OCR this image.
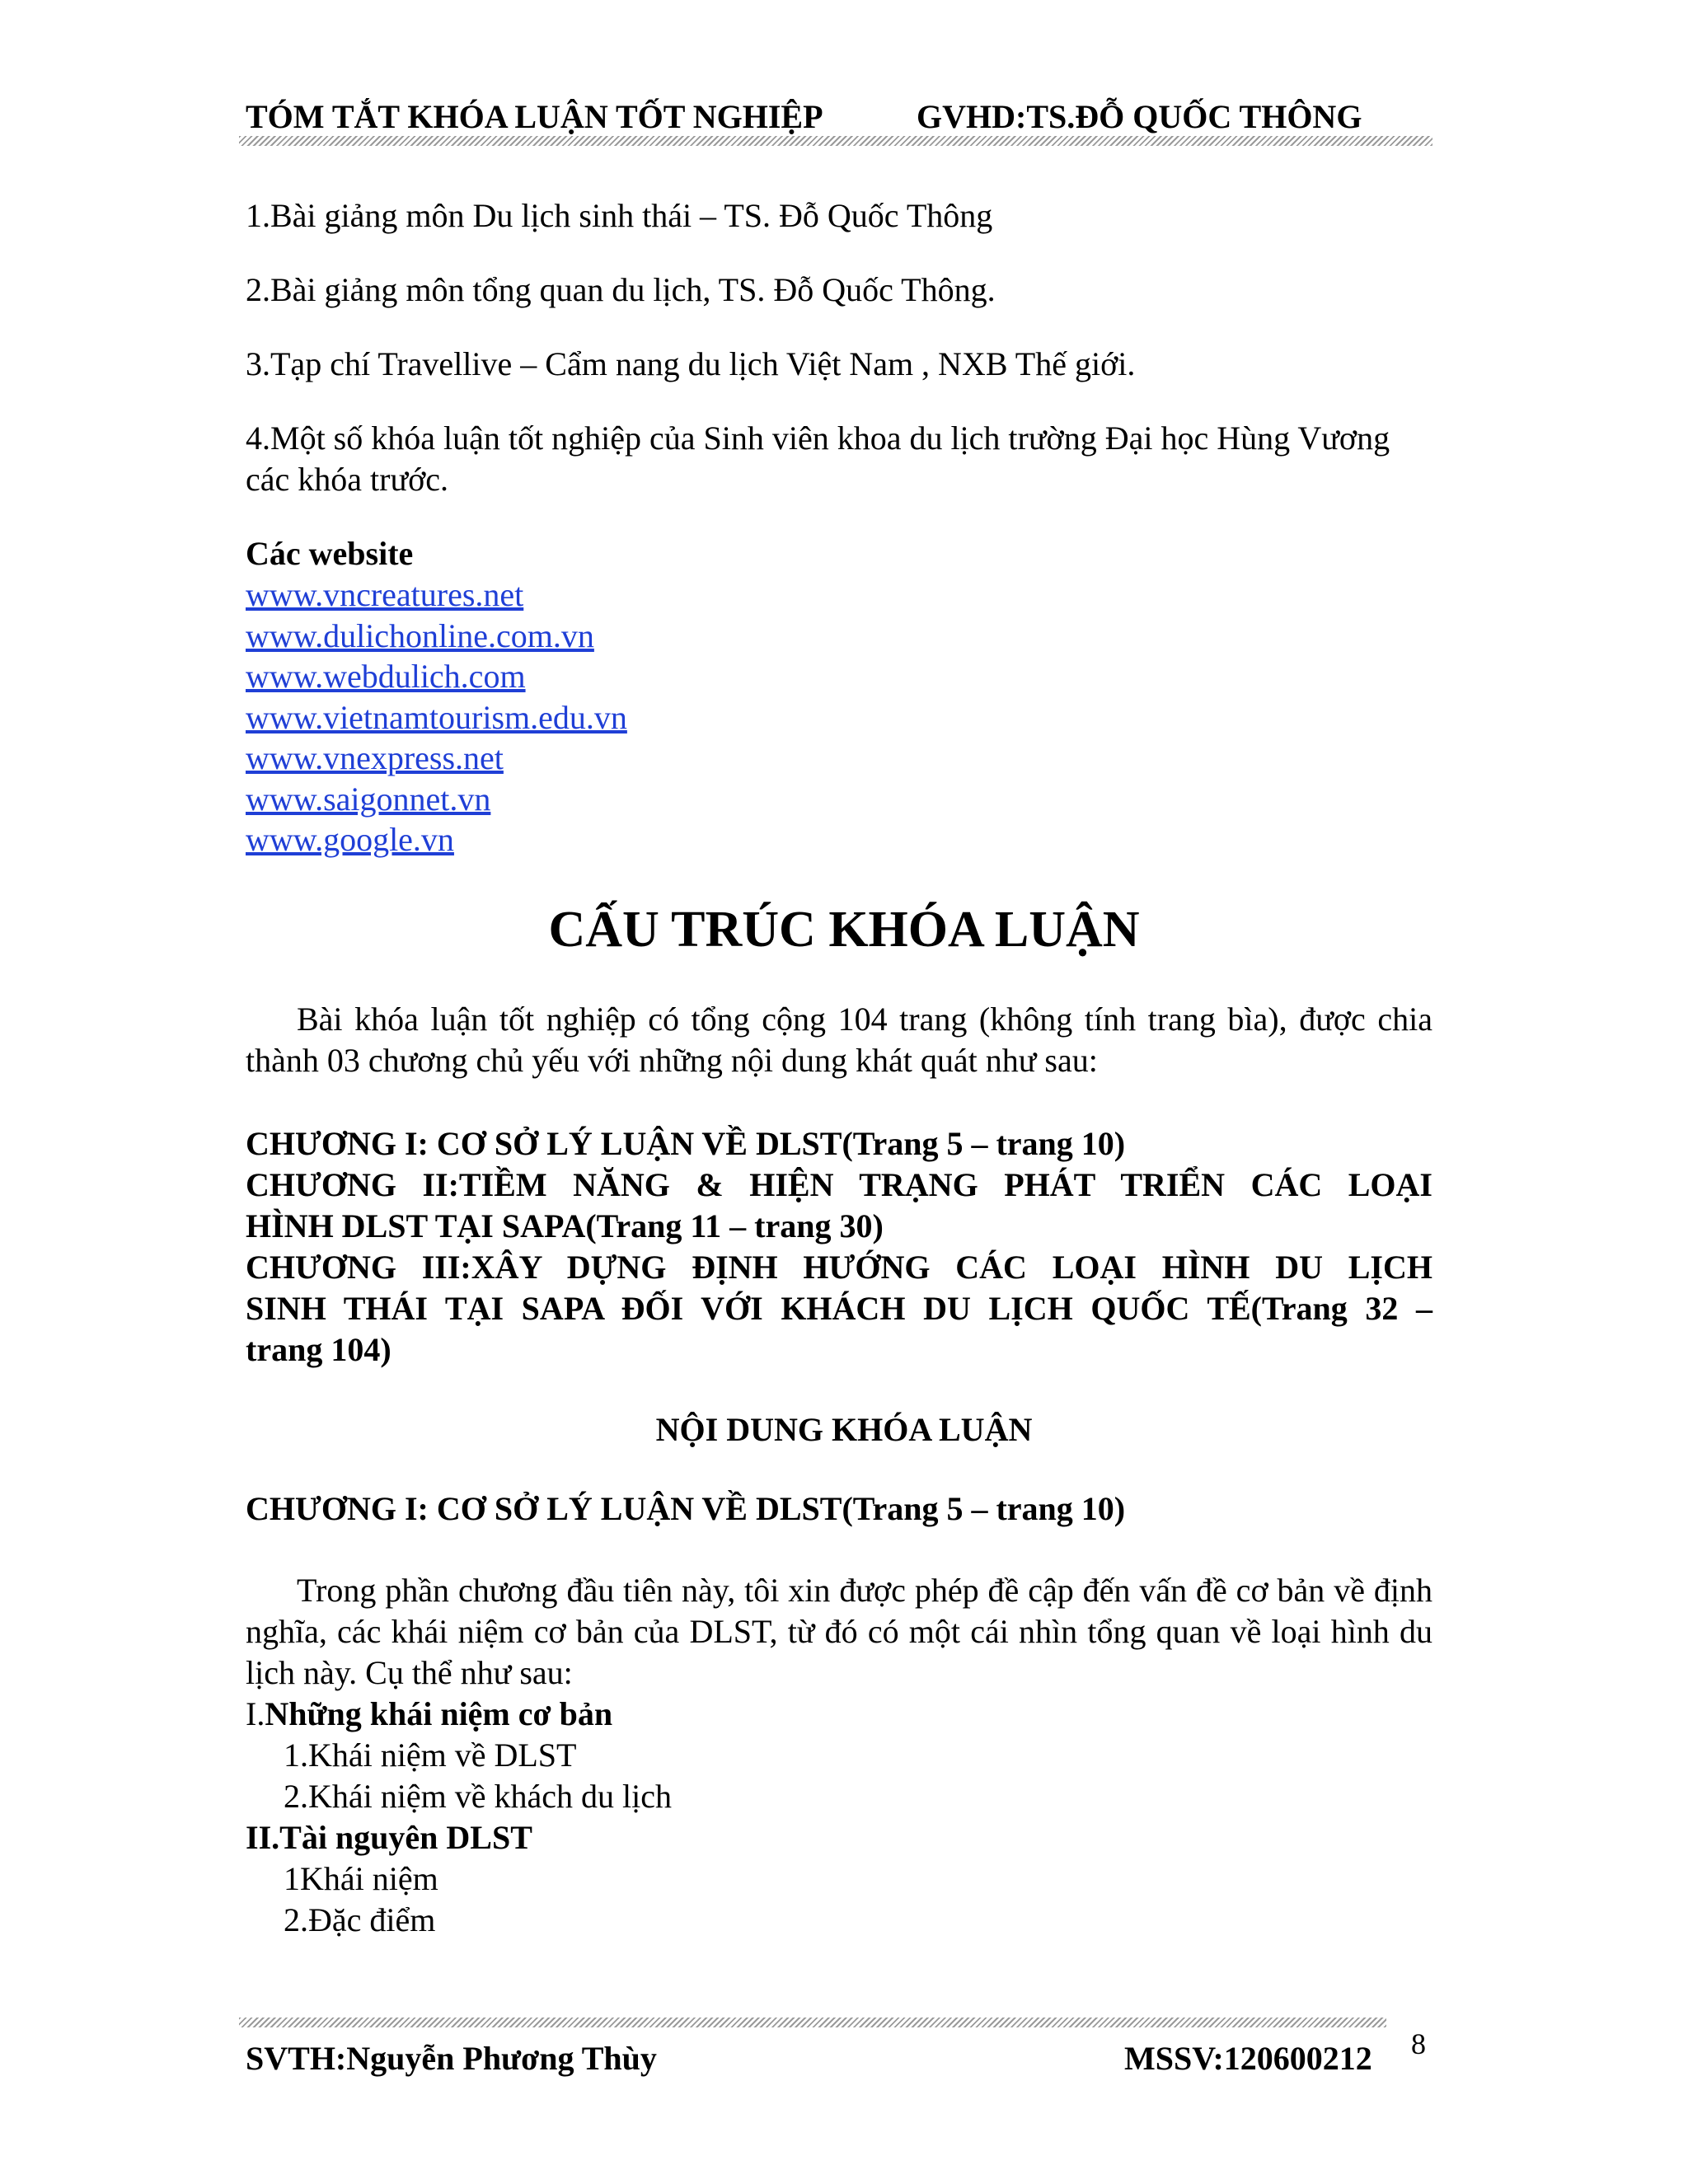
TÓM TẮT KHÓA LUẬN TỐT NGHIỆP	GVHD:TS.ĐỖ QUỐC THÔNG
1.Bài giảng môn Du lịch sinh thái – TS. Đỗ Quốc Thông
2.Bài giảng môn tổng quan du lịch, TS. Đỗ Quốc Thông.
3.Tạp chí Travellive – Cẩm nang du lịch Việt Nam , NXB Thế giới.
4.Một số khóa luận tốt nghiệp của Sinh viên khoa du lịch trường Đại học Hùng Vương các khóa trước.
Các website
www.vncreatures.net
www.dulichonline.com.vn
www.webdulich.com
www.vietnamtourism.edu.vn
www.vnexpress.net
www.saigonnet.vn
www.google.vn
CẤU TRÚC KHÓA LUẬN
Bài khóa luận tốt nghiệp có tổng cộng 104 trang (không tính trang bìa), được chia thành 03 chương chủ yếu với những nội dung khát quát như sau:
CHƯƠNG I: CƠ SỞ LÝ LUẬN VỀ DLST(Trang 5 – trang 10)
CHƯƠNG II:TIỀM NĂNG & HIỆN TRẠNG PHÁT TRIỂN CÁC LOẠI
HÌNH DLST TẠI SAPA(Trang 11 – trang 30)
CHƯƠNG III:XÂY DỰNG ĐỊNH HƯỚNG CÁC LOẠI HÌNH DU LỊCH
SINH THÁI TẠI SAPA ĐỐI VỚI KHÁCH DU LỊCH QUỐC TẾ(Trang 32 –
trang 104)
NỘI DUNG KHÓA LUẬN
CHƯƠNG I: CƠ SỞ LÝ LUẬN VỀ DLST(Trang 5 – trang 10)
Trong phần chương đầu tiên này, tôi xin được phép đề cập đến vấn đề cơ bản về định nghĩa, các khái niệm cơ bản của DLST, từ đó có một cái nhìn tổng quan về loại hình du lịch này. Cụ thể như sau:
I.Những khái niệm cơ bản
1.Khái niệm về DLST
2.Khái niệm về khách du lịch
II.Tài nguyên DLST
1Khái niệm
2.Đặc điểm
SVTH:Nguyễn Phương Thùy	MSSV:120600212 8
